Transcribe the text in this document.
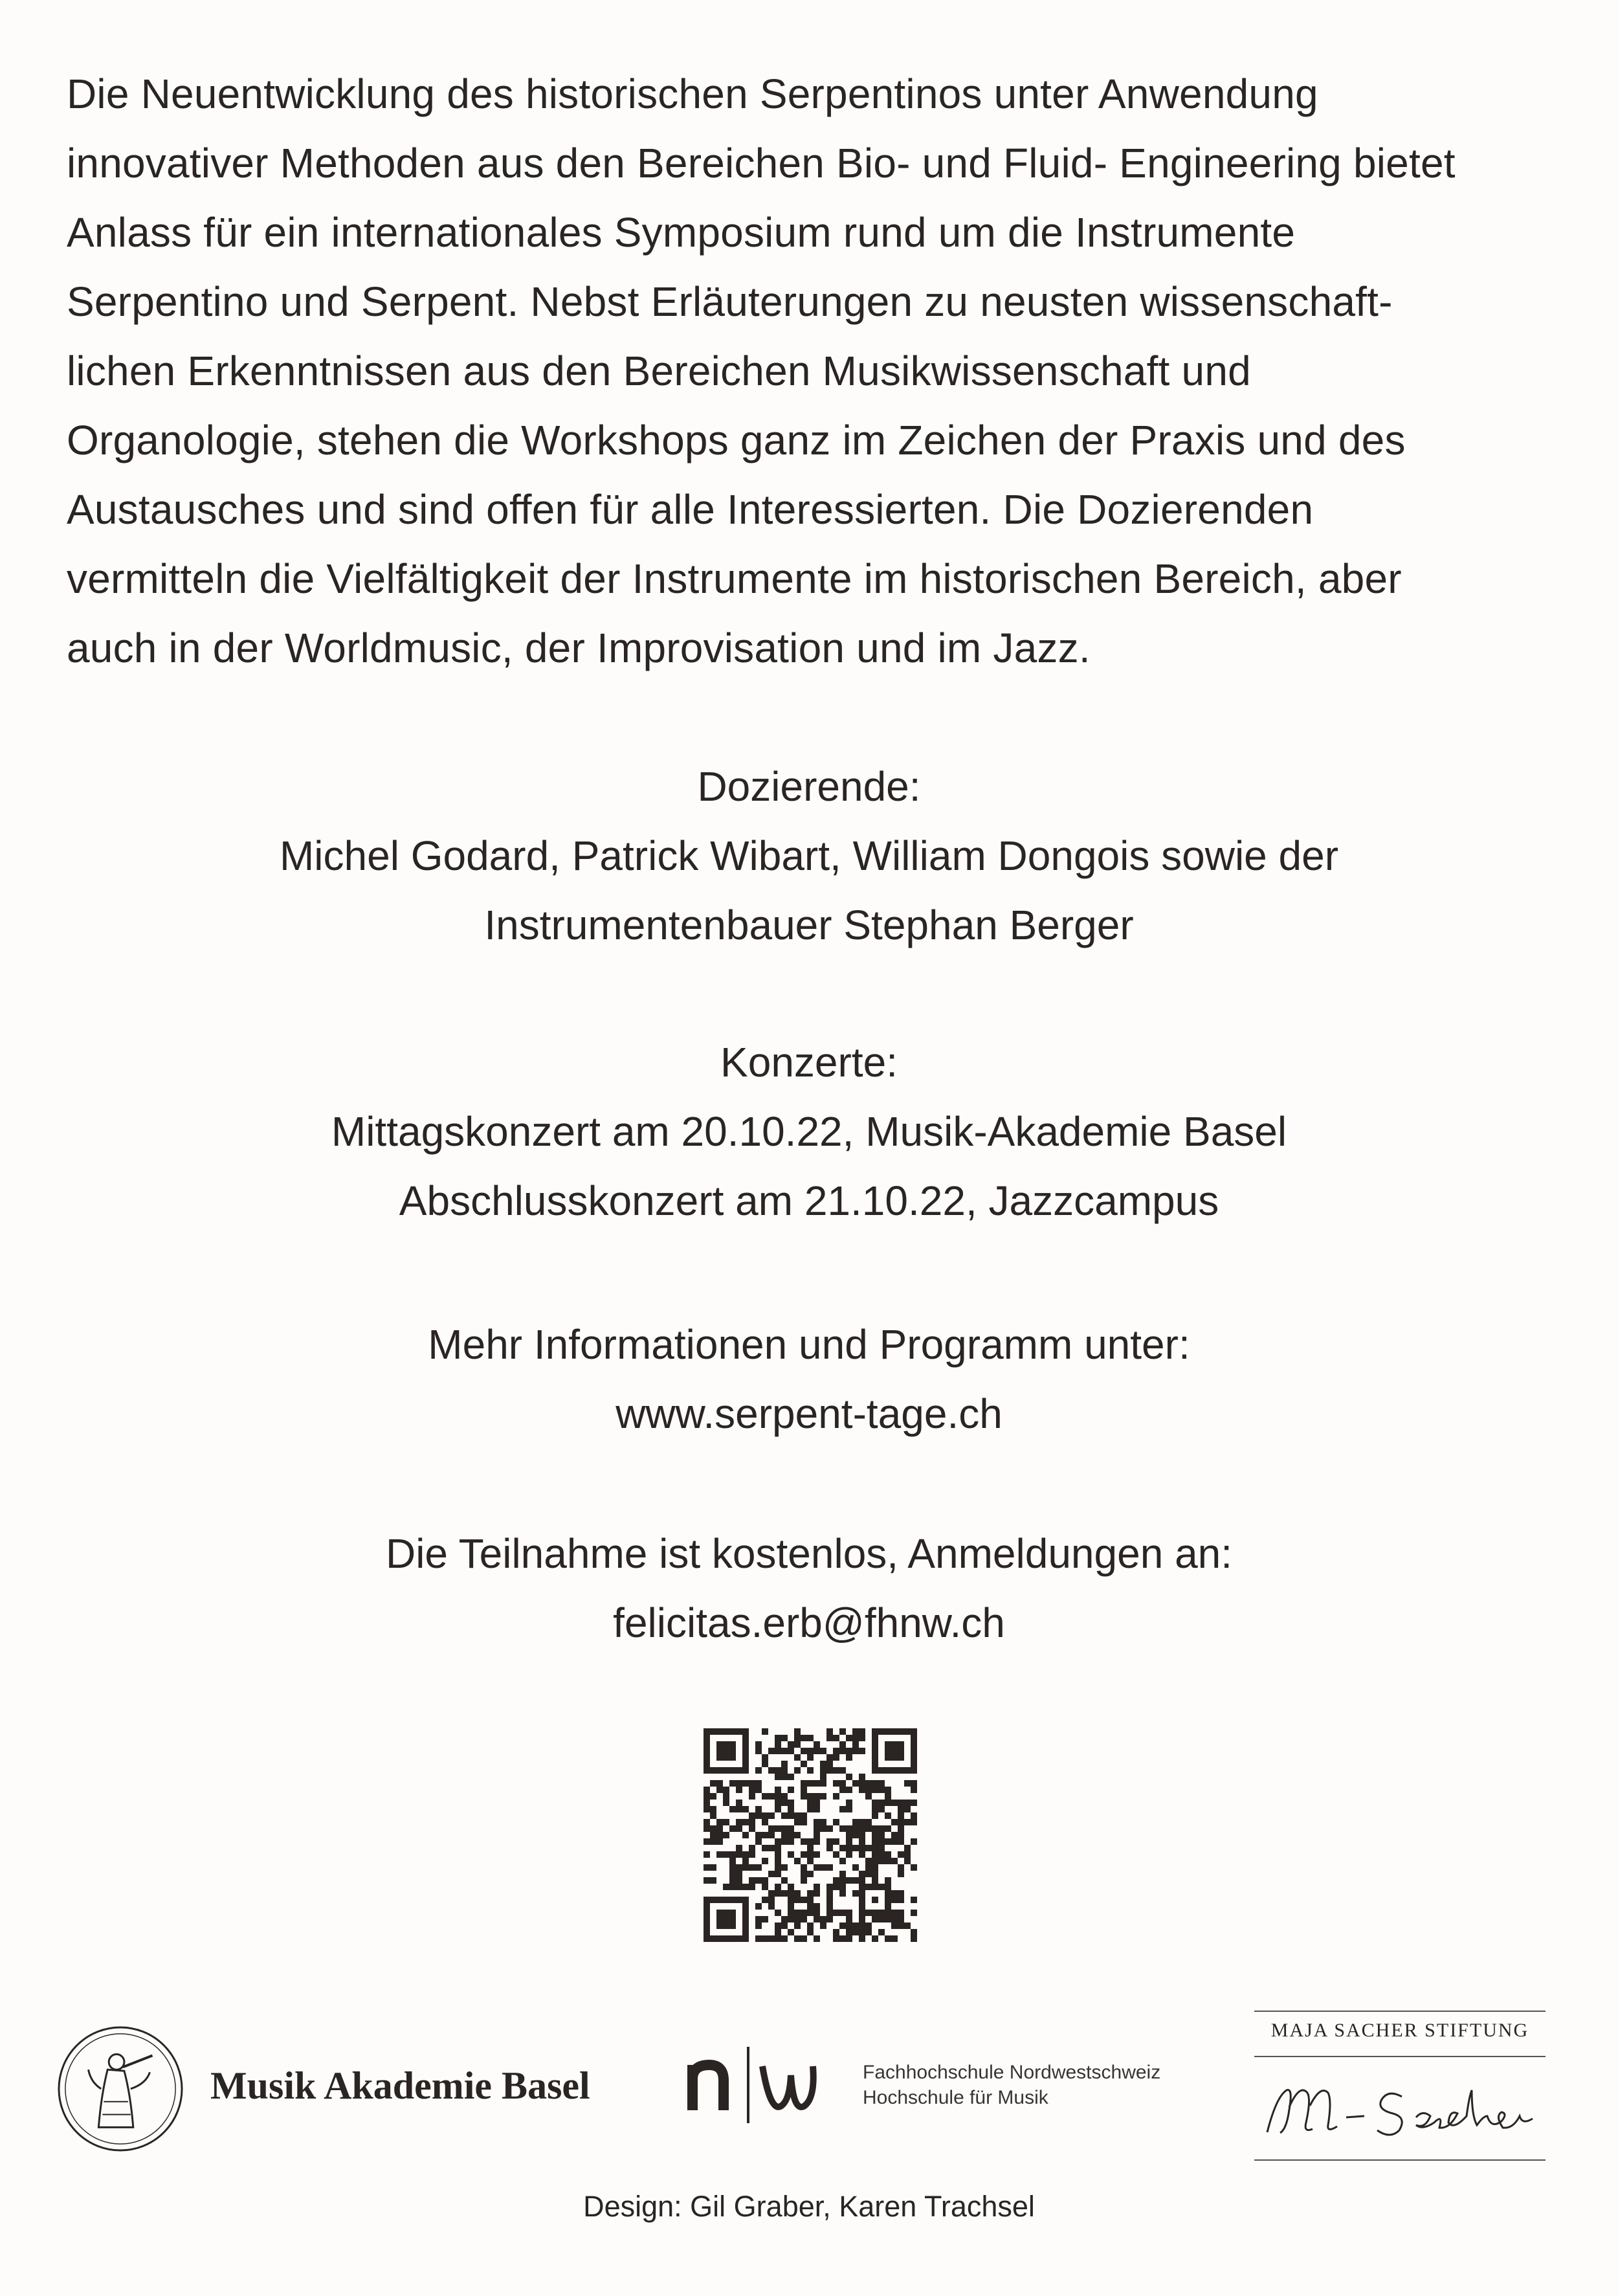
Die Neuentwicklung des historischen Serpentinos unter Anwendung
innovativer Methoden aus den Bereichen Bio- und Fluid- Engineering bietet
Anlass für ein internationales Symposium rund um die Instrumente
Serpentino und Serpent. Nebst Erläuterungen zu neusten wissenschaft-
lichen Erkenntnissen aus den Bereichen Musikwissenschaft und
Organologie, stehen die Workshops ganz im Zeichen der Praxis und des
Austausches und sind offen für alle Interessierten. Die Dozierenden
vermitteln die Vielfältigkeit der Instrumente im historischen Bereich, aber
auch in der Worldmusic, der Improvisation und im Jazz.
Dozierende:
Michel Godard, Patrick Wibart, William Dongois sowie der
Instrumentenbauer Stephan Berger
Konzerte:
Mittagskonzert am 20.10.22, Musik-Akademie Basel
Abschlusskonzert am 21.10.22, Jazzcampus
Mehr Informationen und Programm unter:
www.serpent-tage.ch
Die Teilnahme ist kostenlos, Anmeldungen an:
felicitas.erb@fhnw.ch
Musik Akademie Basel	Fachhochschule Nordwestschweiz
Hochschule für Musik
MAJA SACHER STIFTUNG
Design: Gil Graber, Karen Trachsel
